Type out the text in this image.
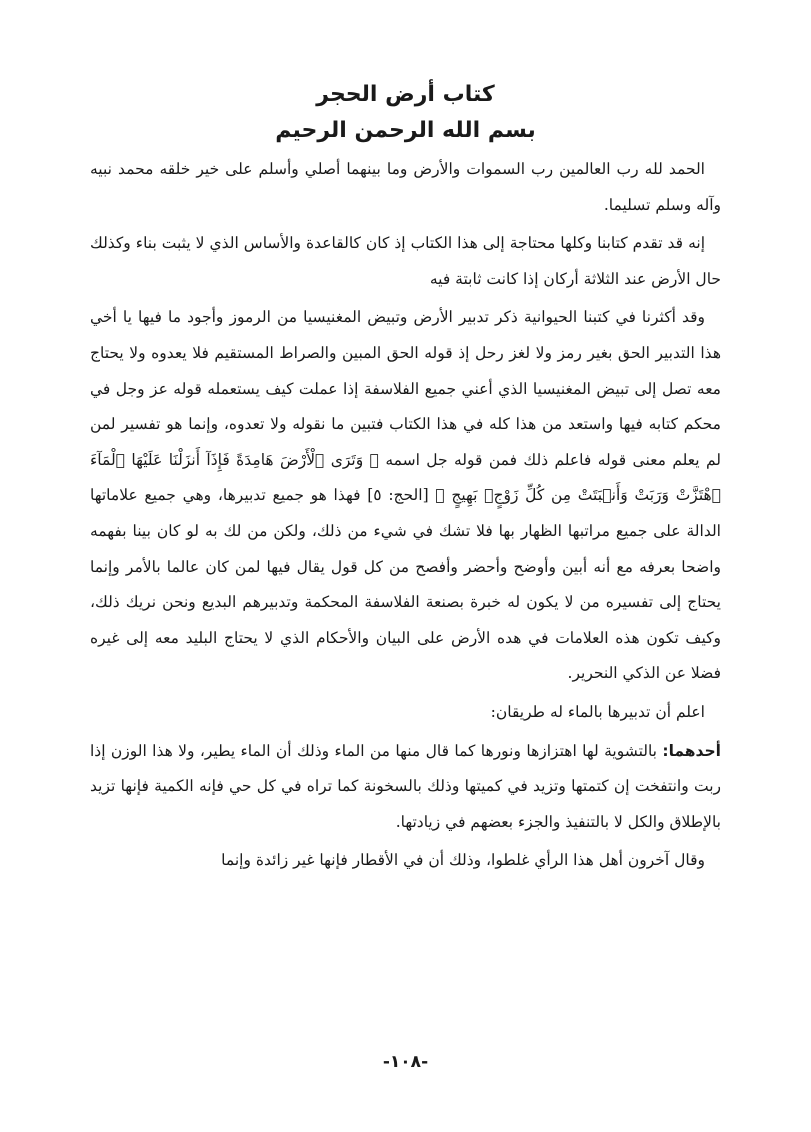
كتاب أرض الحجر
بسم الله الرحمن الرحيم

الحمد لله رب العالمين رب السموات والأرض وما بينهما أصلي وأسلم على خير خلقه محمد نبيه وآله وسلم تسليما.

إنه قد تقدم كتابنا وكلها محتاجة إلى هذا الكتاب إذ كان كالقاعدة والأساس الذي لا يثبت بناء وكذلك حال الأرض عند الثلاثة أركان إذا كانت ثابتة فيه

وقد أكثرنا في كتبنا الحيوانية ذكر تدبير الأرض وتبيض المغنيسيا من الرموز وأجود ما فيها يا أخي هذا التدبير الحق بغير رمز ولا لغز رحل إذ قوله الحق المبين والصراط المستقيم فلا يعدوه ولا يحتاج معه تصل إلى تبيض المغنيسيا الذي أعني جميع الفلاسفة إذا عملت كيف يستعمله قوله عز وجل في محكم كتابه فيها واستعد من هذا كله في هذا الكتاب فتبين ما نقوله ولا تعدوه، وإنما هو تفسير لمن لم يعلم معنى قوله فاعلم ذلك فمن قوله جل اسمه ﴿ وَتَرَى ٱلْأَرْضَ هَامِدَةً فَإِذَآ أَنزَلْنَا عَلَيْهَا ٱلْمَآءَ ٱهْتَزَّتْ وَرَبَتْ وَأَنۢبَتَتْ مِن كُلِّ زَوْجٍۭ بَهِيجٍ ﴾ [الحج: ٥] فهذا هو جميع تدبيرها، وهي جميع علاماتها الدالة على جميع مراتبها الظهار بها فلا تشك في شيء من ذلك، ولكن من لك به لو كان بينا بفهمه واضحا بعرفه مع أنه أبين وأوضح وأحضر وأفصح من كل قول يقال فيها لمن كان عالما بالأمر وإنما يحتاج إلى تفسيره من لا يكون له خبرة بصنعة الفلاسفة المحكمة وتدبيرهم البديع ونحن نريك ذلك، وكيف تكون هذه العلامات في هده الأرض على البيان والأحكام الذي لا يحتاج البليد معه إلى غيره فضلا عن الذكي النحرير.

اعلم أن تدبيرها بالماء له طريقان:

أحدهما: بالتشوية لها اهتزازها ونورها كما قال منها من الماء وذلك أن الماء يطير، ولا هذا الوزن إذا ربت وانتفخت إن كتمتها وتزيد في كميتها وذلك بالسخونة كما تراه في كل حي فإنه الكمية فإنها تزيد بالإطلاق والكل لا بالتنفيذ والجزء بعضهم في زيادتها.

وقال آخرون أهل هذا الرأي غلطوا، وذلك أن في الأقطار فإنها غير زائدة وإنما

-١٠٨-
